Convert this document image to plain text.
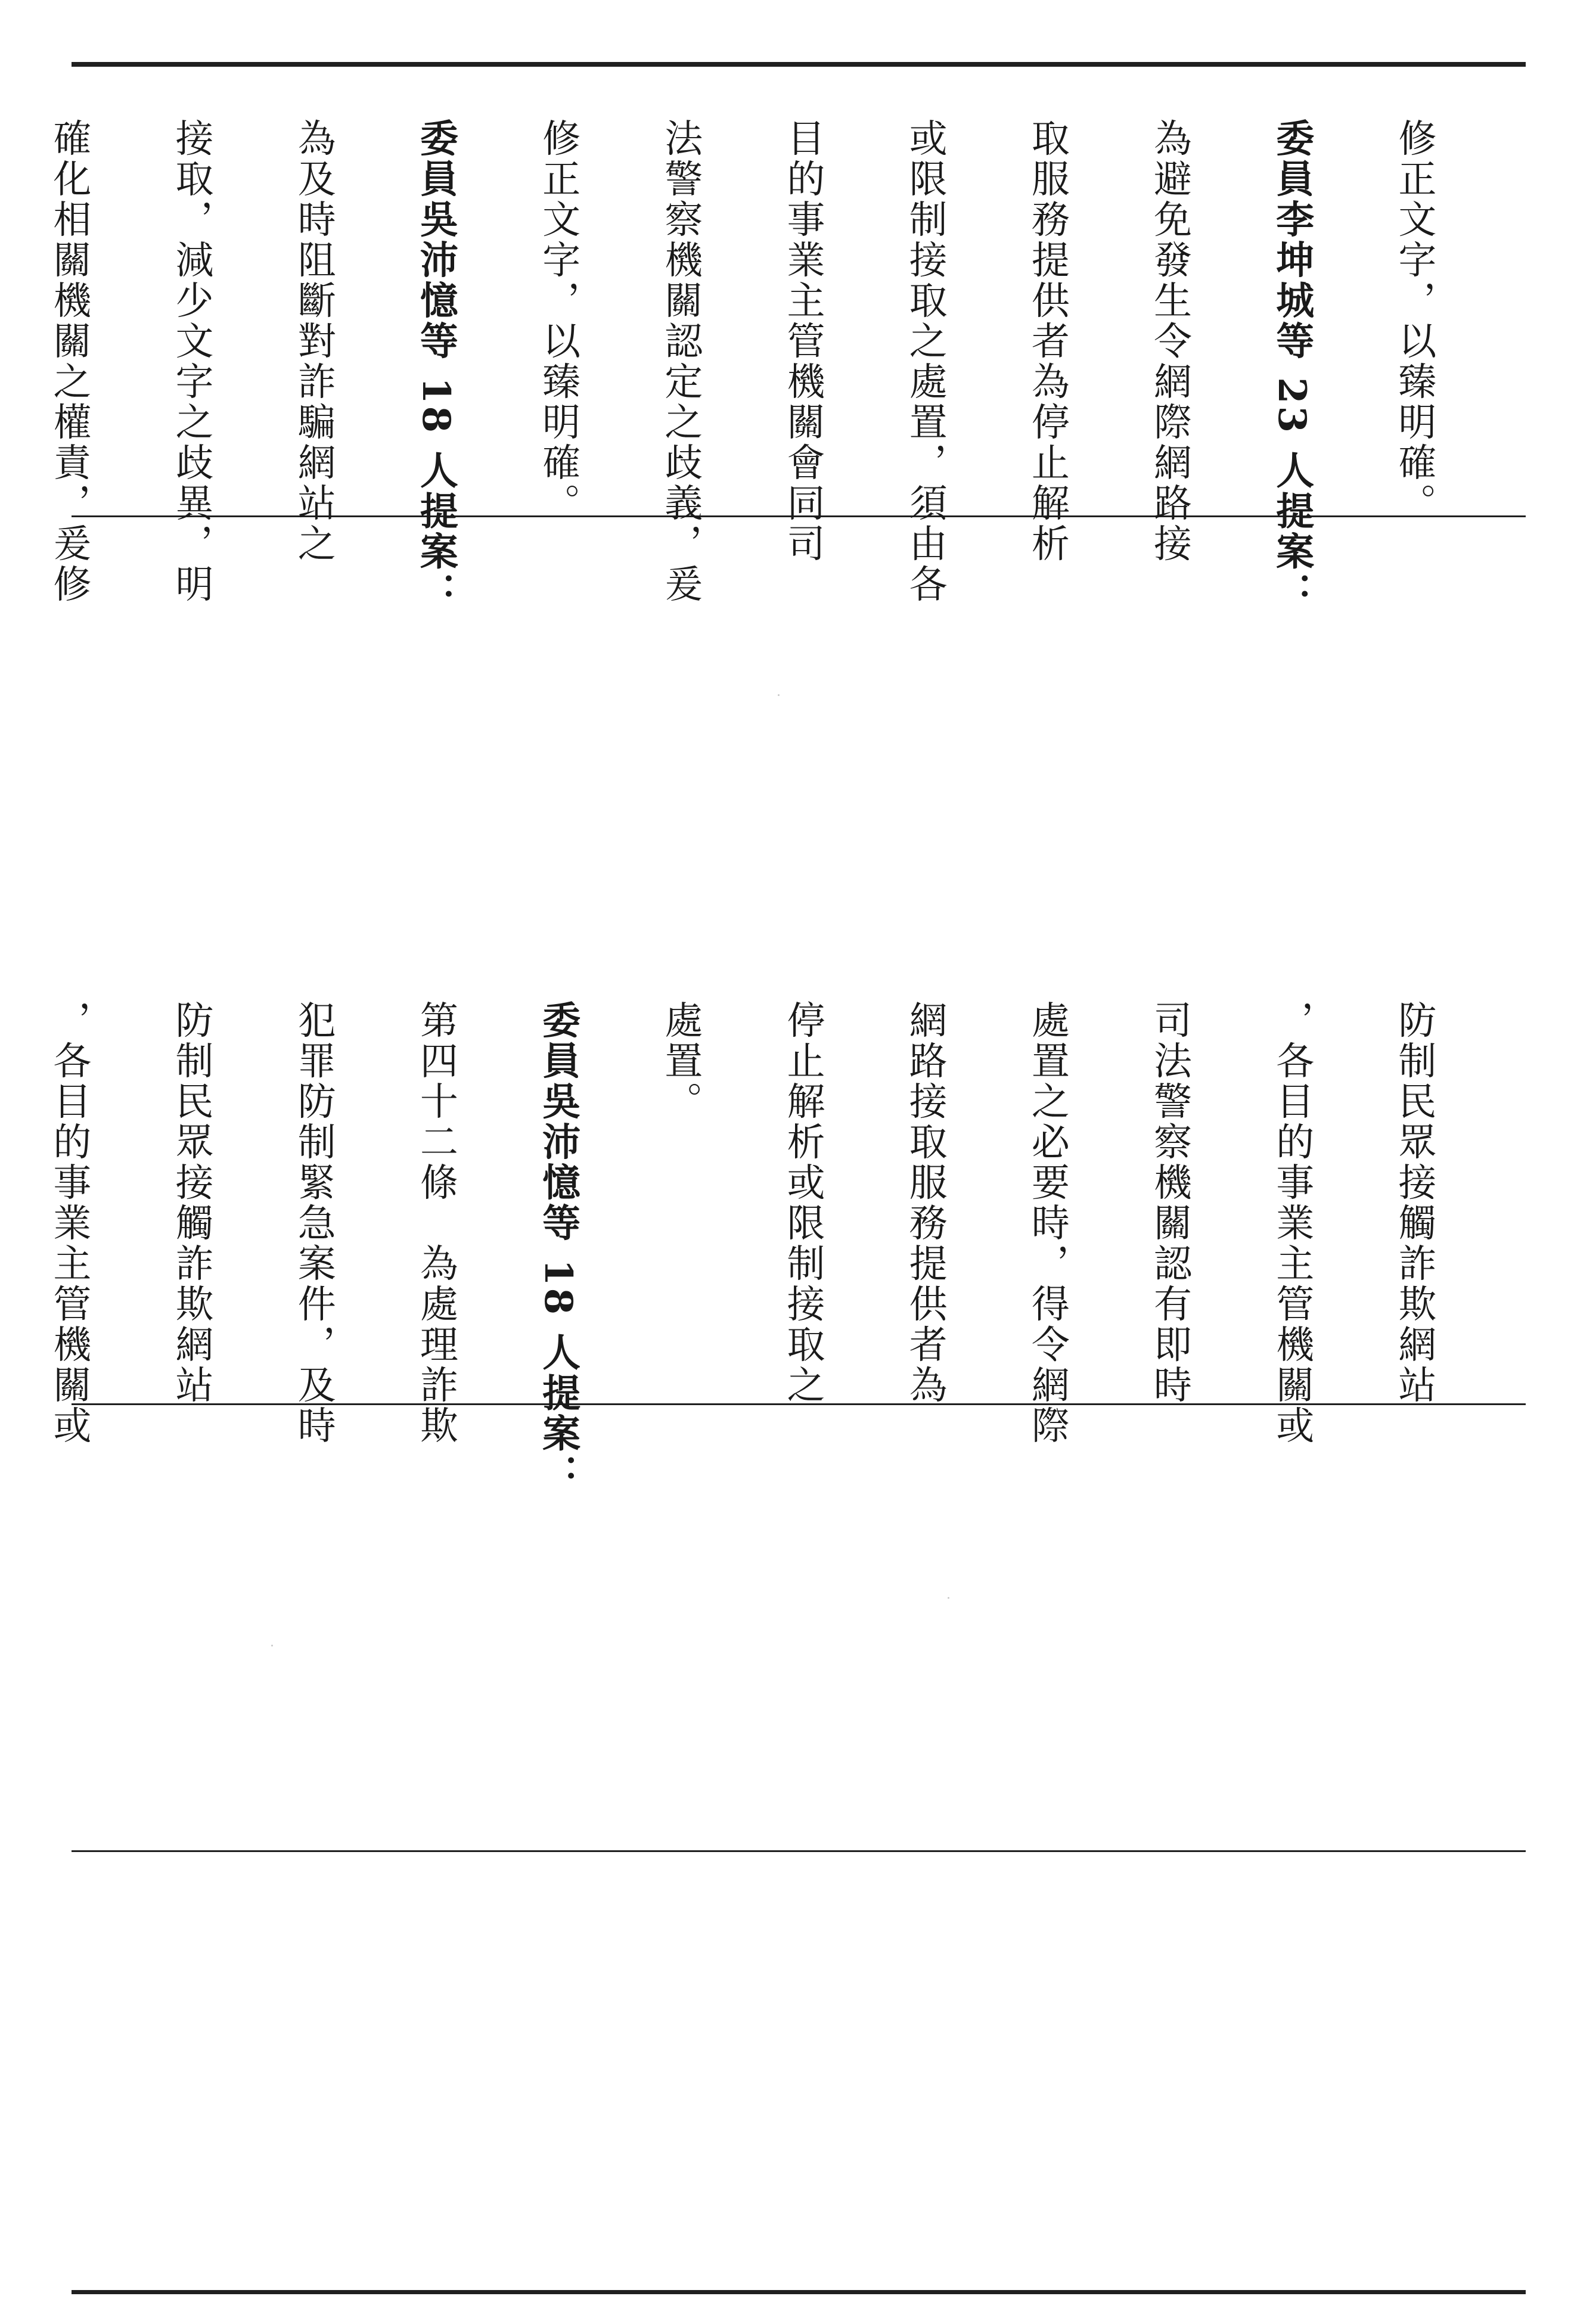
修正文字，以臻明確。

委員李坤城等 23 人提案：

為避免發生令網際網路接

取服務提供者為停止解析

或限制接取之處置，須由各

目的事業主管機關會同司

法警察機關認定之歧義，爰

修正文字，以臻明確。

委員吳沛憶等 18 人提案：

為及時阻斷對詐騙網站之

接取，減少文字之歧異，明

確化相關機關之權責，爰修

防制民眾接觸詐欺網站

，各目的事業主管機關或

司法警察機關認有即時

處置之必要時，得令網際

網路接取服務提供者為

停止解析或限制接取之

處置。

委員吳沛憶等 18 人提案：

第四十二條　為處理詐欺

犯罪防制緊急案件，及時

防制民眾接觸詐欺網站

，各目的事業主管機關或
